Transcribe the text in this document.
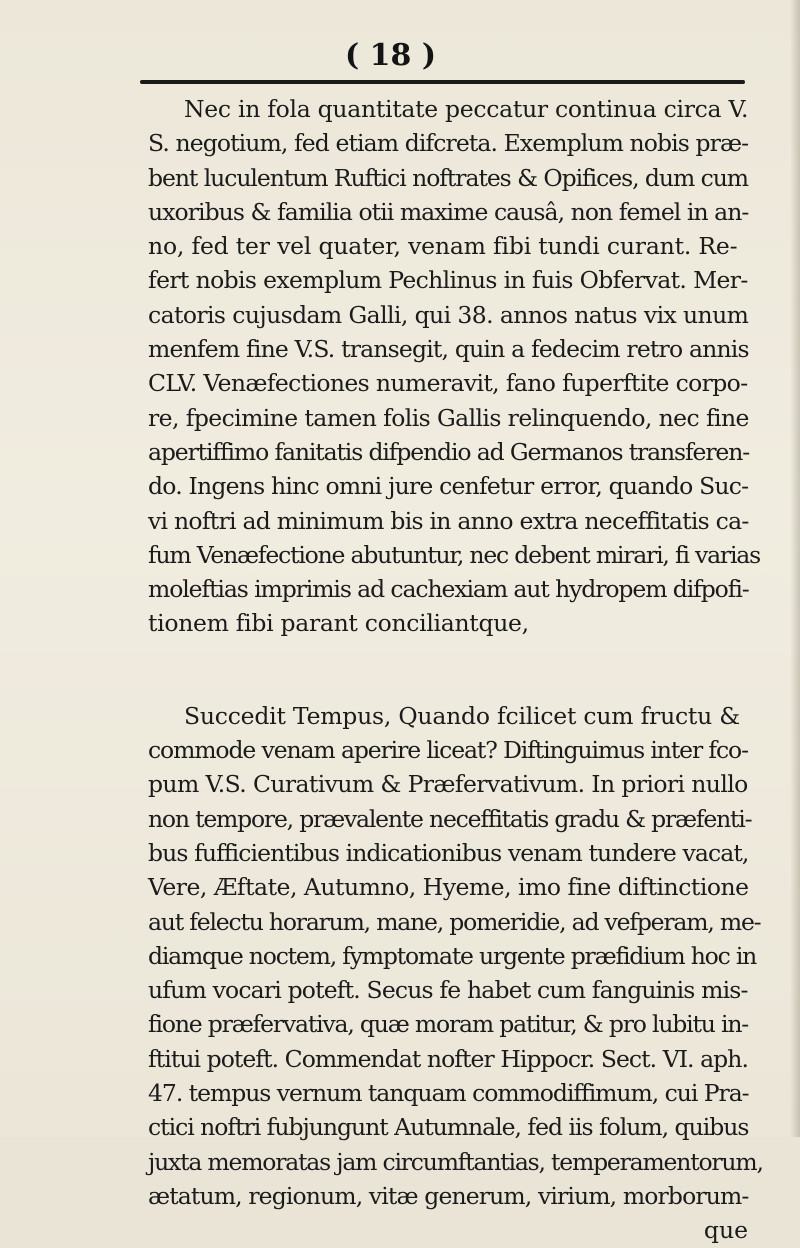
( 18 )
Nec in fola quantitate peccatur continua circa V.
S. negotium, fed etiam difcreta. Exemplum nobis præ-
bent luculentum Ruftici noftrates & Opifices, dum cum
uxoribus & familia otii maxime causâ, non femel in an-
no, fed ter vel quater, venam fibi tundi curant. Re-
fert nobis exemplum Pechlinus in fuis Obfervat. Mer-
catoris cujusdam Galli, qui 38. annos natus vix unum
menfem fine V.S. transegit, quin a fedecim retro annis
CLV. Venæfectiones numeravit, fano fuperftite corpo-
re, fpecimine tamen folis Gallis relinquendo, nec fine
apertiffimo fanitatis difpendio ad Germanos transferen-
do. Ingens hinc omni jure cenfetur error, quando Suc-
vi noftri ad minimum bis in anno extra neceffitatis ca-
fum Venæfectione abutuntur, nec debent mirari, fi varias
moleftias imprimis ad cachexiam aut hydropem difpofi-
tionem fibi parant conciliantque,
Succedit Tempus, Quando fcilicet cum fructu &
commode venam aperire liceat? Diftinguimus inter fco-
pum V.S. Curativum & Præfervativum. In priori nullo
non tempore, prævalente neceffitatis gradu & præfenti-
bus fufficientibus indicationibus venam tundere vacat,
Vere, Æftate, Autumno, Hyeme, imo fine diftinctione
aut felectu horarum, mane, pomeridie, ad vefperam, me-
diamque noctem, fymptomate urgente præfidium hoc in
ufum vocari poteft. Secus fe habet cum fanguinis mis-
fione præfervativa, quæ moram patitur, & pro lubitu in-
ftitui poteft. Commendat nofter Hippocr. Sect. VI. aph.
47. tempus vernum tanquam commodiffimum, cui Pra-
ctici noftri fubjungunt Autumnale, fed iis folum, quibus
juxta memoratas jam circumftantias, temperamentorum,
ætatum, regionum, vitæ generum, virium, morborum-
que
